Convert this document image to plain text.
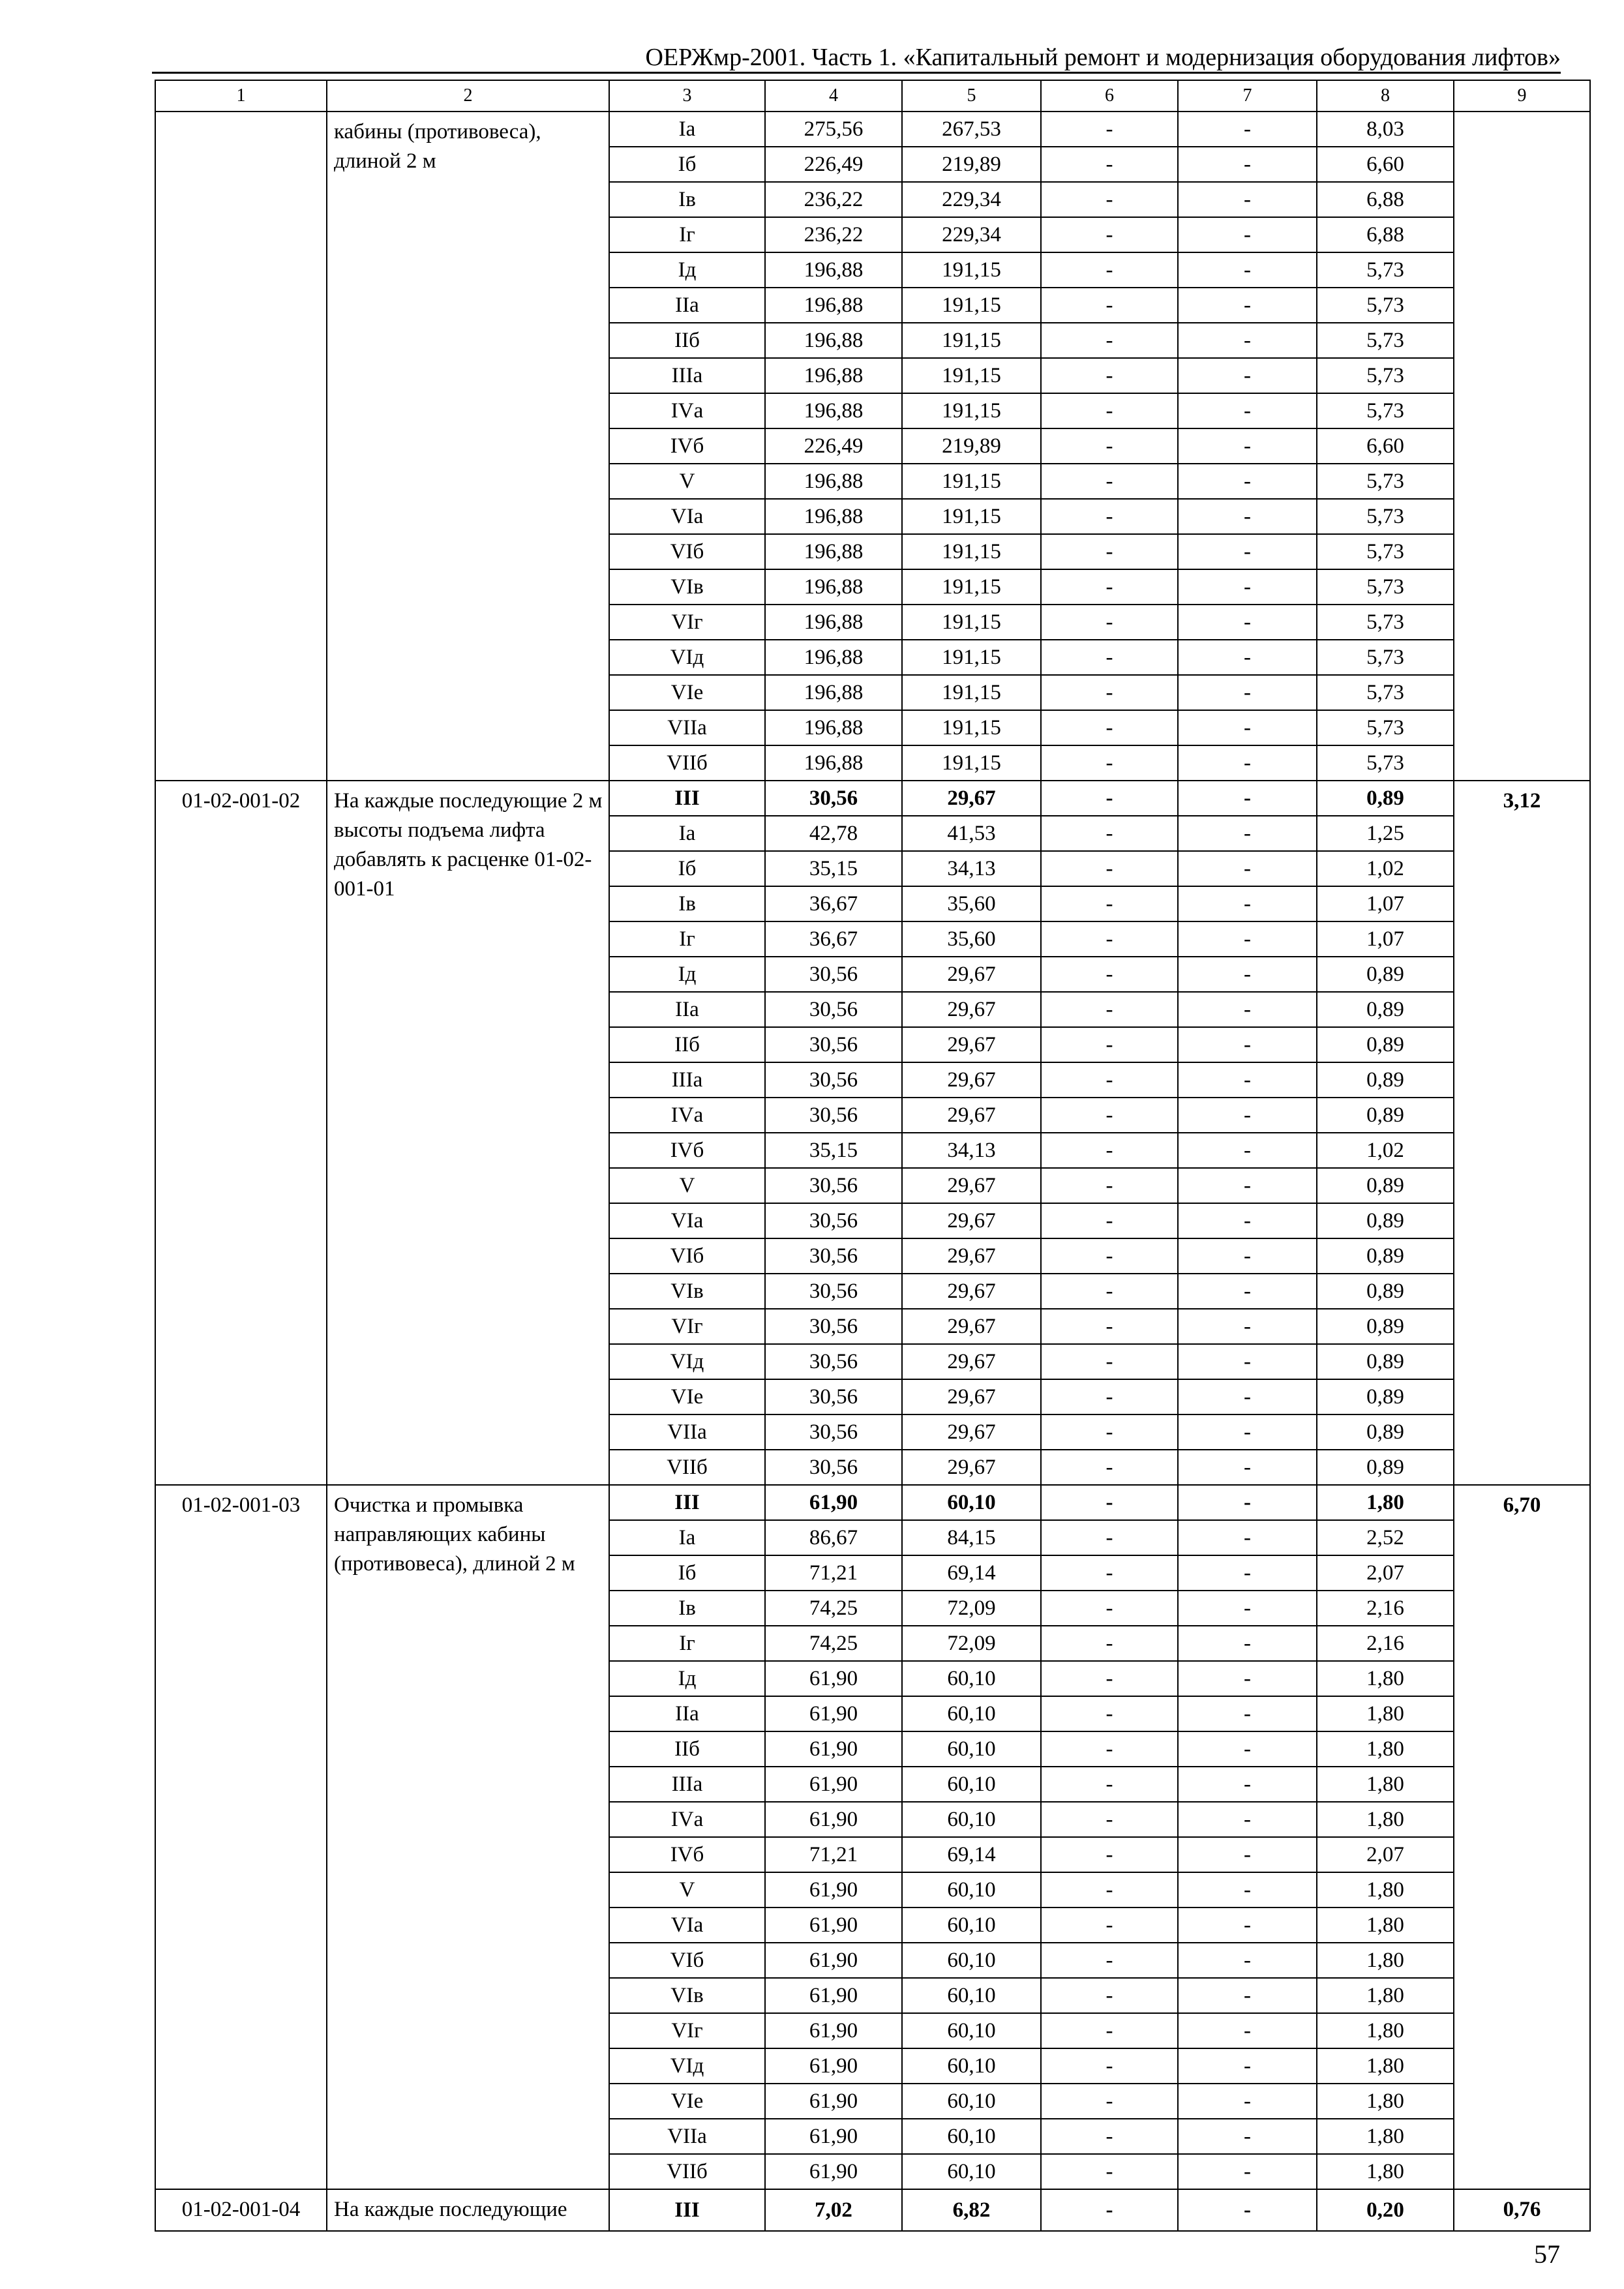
ОЕРЖмр-2001. Часть 1. «Капитальный ремонт и модернизация оборудования лифтов»
1	2	3	4	5	6	7	8	9
	кабины (противовеса), длиной 2 м	Iа	275,56	267,53	-	-	8,03	
		Iб	226,49	219,89	-	-	6,60	
		Iв	236,22	229,34	-	-	6,88	
		Iг	236,22	229,34	-	-	6,88	
		Iд	196,88	191,15	-	-	5,73	
		IIа	196,88	191,15	-	-	5,73	
		IIб	196,88	191,15	-	-	5,73	
		IIIа	196,88	191,15	-	-	5,73	
		IVа	196,88	191,15	-	-	5,73	
		IVб	226,49	219,89	-	-	6,60	
		V	196,88	191,15	-	-	5,73	
		VIа	196,88	191,15	-	-	5,73	
		VIб	196,88	191,15	-	-	5,73	
		VIв	196,88	191,15	-	-	5,73	
		VIг	196,88	191,15	-	-	5,73	
		VIд	196,88	191,15	-	-	5,73	
		VIе	196,88	191,15	-	-	5,73	
		VIIа	196,88	191,15	-	-	5,73	
		VIIб	196,88	191,15	-	-	5,73	
01-02-001-02	На каждые последующие 2 м высоты подъема лифта добавлять к расценке 01-02-001-01	III	30,56	29,67	-	-	0,89	3,12
		Iа	42,78	41,53	-	-	1,25	
		Iб	35,15	34,13	-	-	1,02	
		Iв	36,67	35,60	-	-	1,07	
		Iг	36,67	35,60	-	-	1,07	
		Iд	30,56	29,67	-	-	0,89	
		IIа	30,56	29,67	-	-	0,89	
		IIб	30,56	29,67	-	-	0,89	
		IIIа	30,56	29,67	-	-	0,89	
		IVа	30,56	29,67	-	-	0,89	
		IVб	35,15	34,13	-	-	1,02	
		V	30,56	29,67	-	-	0,89	
		VIа	30,56	29,67	-	-	0,89	
		VIб	30,56	29,67	-	-	0,89	
		VIв	30,56	29,67	-	-	0,89	
		VIг	30,56	29,67	-	-	0,89	
		VIд	30,56	29,67	-	-	0,89	
		VIе	30,56	29,67	-	-	0,89	
		VIIа	30,56	29,67	-	-	0,89	
		VIIб	30,56	29,67	-	-	0,89	
01-02-001-03	Очистка и промывка направляющих кабины (противовеса), длиной 2 м	III	61,90	60,10	-	-	1,80	6,70
		Iа	86,67	84,15	-	-	2,52	
		Iб	71,21	69,14	-	-	2,07	
		Iв	74,25	72,09	-	-	2,16	
		Iг	74,25	72,09	-	-	2,16	
		Iд	61,90	60,10	-	-	1,80	
		IIа	61,90	60,10	-	-	1,80	
		IIб	61,90	60,10	-	-	1,80	
		IIIа	61,90	60,10	-	-	1,80	
		IVа	61,90	60,10	-	-	1,80	
		IVб	71,21	69,14	-	-	2,07	
		V	61,90	60,10	-	-	1,80	
		VIа	61,90	60,10	-	-	1,80	
		VIб	61,90	60,10	-	-	1,80	
		VIв	61,90	60,10	-	-	1,80	
		VIг	61,90	60,10	-	-	1,80	
		VIд	61,90	60,10	-	-	1,80	
		VIе	61,90	60,10	-	-	1,80	
		VIIа	61,90	60,10	-	-	1,80	
		VIIб	61,90	60,10	-	-	1,80	
01-02-001-04	На каждые последующие	III	7,02	6,82	-	-	0,20	0,76
57
